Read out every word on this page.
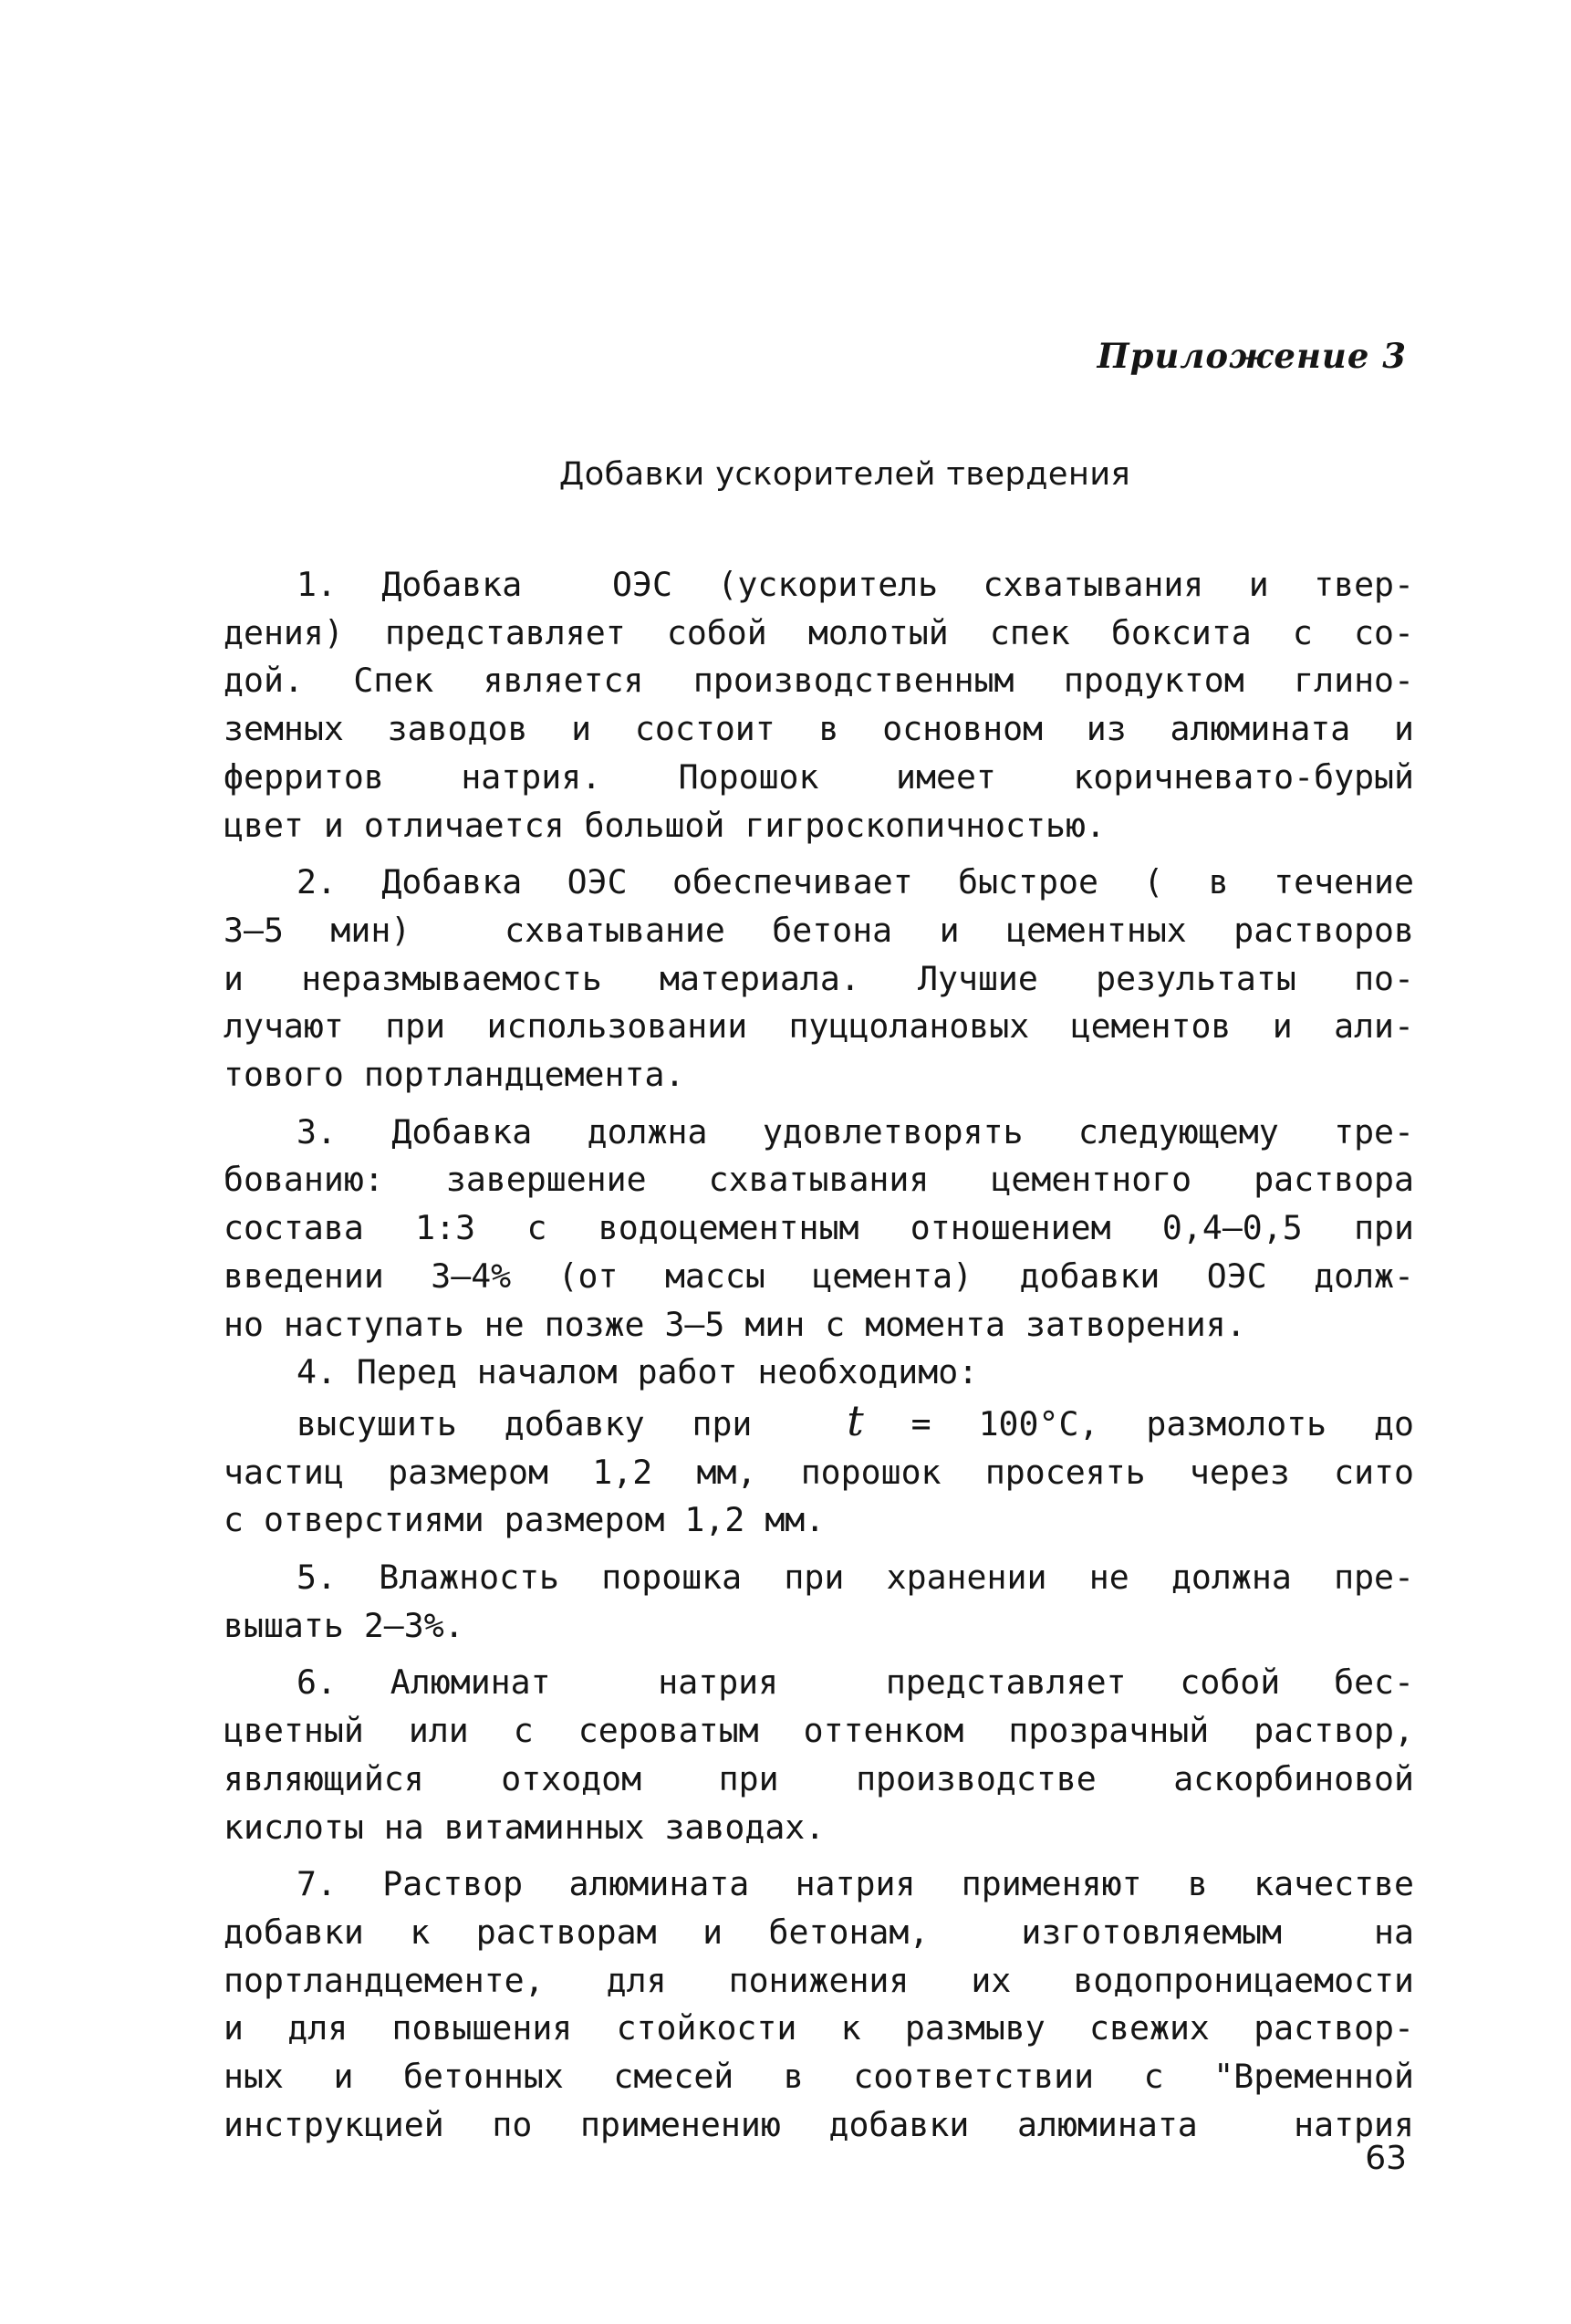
Приложение 3
Добавки ускорителей твердения
1. Добавка  ОЭС (ускоритель схватывания и твер-
дения) представляет собой молотый спек боксита с со-
дой. Спек является производственным продуктом глино-
земных заводов и состоит в основном из алюмината и
ферритов натрия. Порошок имеет коричневато-бурый
цвет и отличается большой гигроскопичностью.
2. Добавка ОЭС обеспечивает быстрое ( в течение
3–5 мин)  схватывание бетона и цементных растворов
и неразмываемость материала. Лучшие результаты по-
лучают при использовании пуццолановых цементов и али-
тового портландцемента.
3. Добавка должна удовлетворять следующему тре-
бованию: завершение схватывания цементного раствора
состава 1:3 с водоцементным отношением 0,4–0,5 при
введении 3–4% (от массы цемента) добавки ОЭС долж-
но наступать не позже 3–5 мин с момента затворения.
4. Перед началом работ необходимо:
высушить добавку при  t = 100°С, размолоть до
частиц размером 1,2 мм, порошок просеять через сито
с отверстиями размером 1,2 мм.
5. Влажность порошка при хранении не должна пре-
вышать 2–3%.
6. Алюминат  натрия  представляет собой бес-
цветный или с сероватым оттенком прозрачный раствор,
являющийся отходом при производстве аскорбиновой
кислоты на витаминных заводах.
7. Раствор алюмината натрия применяют в качестве
добавки к растворам и бетонам,  изготовляемым  на
портландцементе, для понижения их водопроницаемости
и для повышения стойкости к размыву свежих раствор-
ных и бетонных смесей в соответствии с "Временной
инструкцией по применению добавки алюмината  натрия
63
